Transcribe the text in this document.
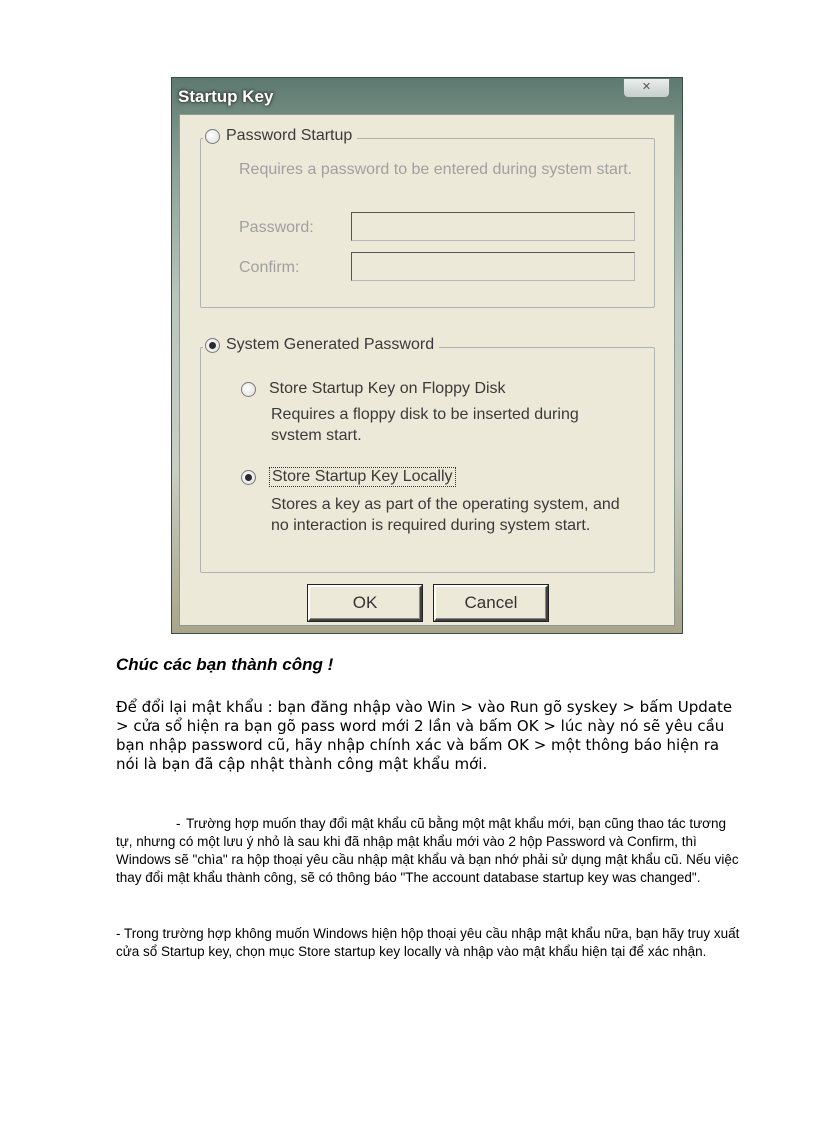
Startup Key	✕
Password Startup
Requires a password to be entered during system start.
Password:
Confirm:
System Generated Password
Store Startup Key on Floppy Disk
Requires a floppy disk to be inserted during svstem start.
Store Startup Key Locally
Stores a key as part of the operating system, and no interaction is required during system start.
OK	Cancel
Chúc các bạn thành công !
Để đổi lại mật khẩu : bạn đăng nhập vào Win > vào Run gõ syskey > bấm Update > cửa sổ hiện ra bạn gõ pass word mới 2 lần và bấm OK > lúc này nó sẽ yêu cầu bạn nhập password cũ, hãy nhập chính xác và bấm OK > một thông báo hiện ra nói là bạn đã cập nhật thành công mật khẩu mới.
- Trường hợp muốn thay đổi mật khẩu cũ bằng một mật khẩu mới, bạn cũng thao tác tương tự, nhưng có một lưu ý nhỏ là sau khi đã nhập mật khẩu mới vào 2 hộp Password và Confirm, thì Windows sẽ "chìa" ra hộp thoại yêu cầu nhập mật khẩu và bạn nhớ phải sử dụng mật khẩu cũ. Nếu việc thay đổi mật khẩu thành công, sẽ có thông báo "The account database startup key was changed".
- Trong trường hợp không muốn Windows hiện hộp thoại yêu cầu nhập mật khẩu nữa, bạn hãy truy xuất cửa sổ Startup key, chọn mục Store startup key locally và nhập vào mật khẩu hiện tại để xác nhận.
